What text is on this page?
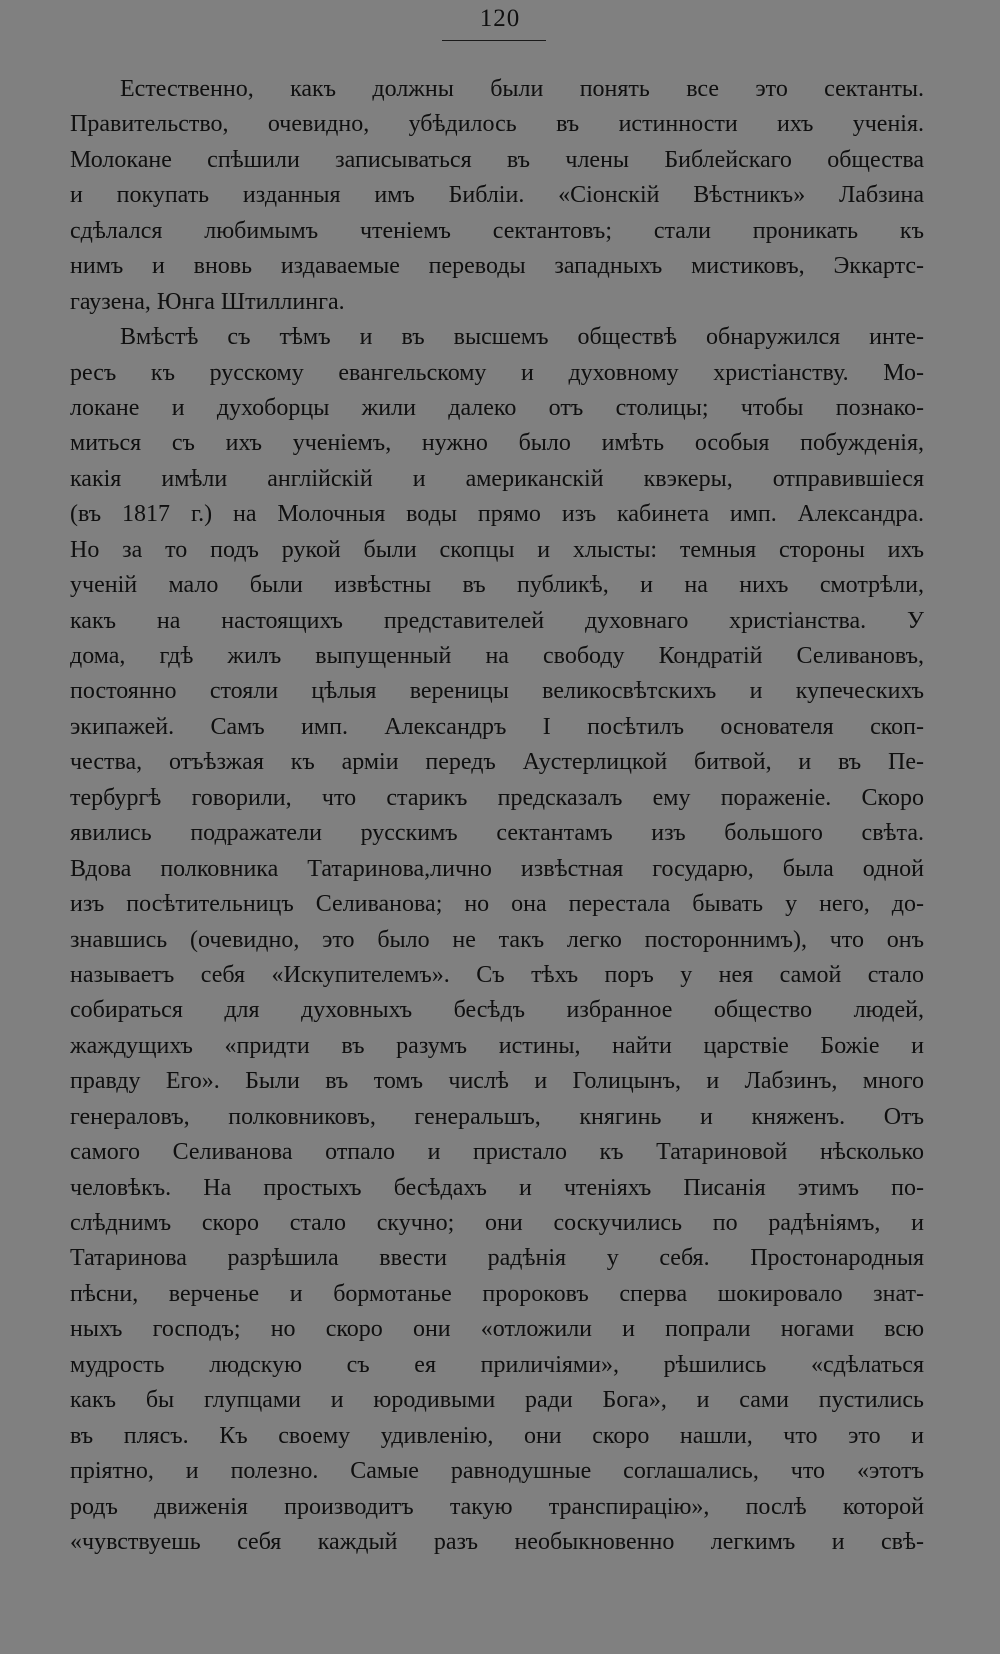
120
Естественно, какъ должны были понять все это сектанты.
Правительство, очевидно, убѣдилось въ истинности ихъ ученія.
Молокане спѣшили записываться въ члены Библейскаго общества
и покупать изданныя имъ Библіи. «Сіонскій Вѣстникъ» Лабзина
сдѣлался любимымъ чтеніемъ сектантовъ; стали проникать къ
нимъ и вновь издаваемые переводы западныхъ мистиковъ, Эккартс-
гаузена, Юнга Штиллинга.
Вмѣстѣ съ тѣмъ и въ высшемъ обществѣ обнаружился инте-
ресъ къ русскому евангельскому и духовному христіанству. Мо-
локане и духоборцы жили далеко отъ столицы; чтобы познако-
миться съ ихъ ученіемъ, нужно было имѣть особыя побужденія,
какія имѣли англійскій и американскій квэкеры, отправившіеся
(въ 1817 г.) на Молочныя воды прямо изъ кабинета имп. Александра.
Но за то подъ рукой были скопцы и хлысты: темныя стороны ихъ
ученій мало были извѣстны въ публикѣ, и на нихъ смотрѣли,
какъ на настоящихъ представителей духовнаго христіанства. У
дома, гдѣ жилъ выпущенный на свободу Кондратій Селивановъ,
постоянно стояли цѣлыя вереницы великосвѣтскихъ и купеческихъ
экипажей. Самъ имп. Александръ I посѣтилъ основателя скоп-
чества, отъѣзжая къ арміи передъ Аустерлицкой битвой, и въ Пе-
тербургѣ говорили, что старикъ предсказалъ ему пораженіе. Скоро
явились подражатели русскимъ сектантамъ изъ большого свѣта.
Вдова полковника Татаринова,лично извѣстная государю, была одной
изъ посѣтительницъ Селиванова; но она перестала бывать у него, до-
знавшись (очевидно, это было не такъ легко постороннимъ), что онъ
называетъ себя «Искупителемъ». Съ тѣхъ поръ у нея самой стало
собираться для духовныхъ бесѣдъ избранное общество людей,
жаждущихъ «придти въ разумъ истины, найти царствіе Божіе и
правду Его». Были въ томъ числѣ и Голицынъ, и Лабзинъ, много
генераловъ, полковниковъ, генеральшъ, княгинь и княженъ. Отъ
самого Селиванова отпало и пристало къ Татариновой нѣсколько
человѣкъ. На простыхъ бесѣдахъ и чтеніяхъ Писанія этимъ по-
слѣднимъ скоро стало скучно; они соскучились по радѣніямъ, и
Татаринова разрѣшила ввести радѣнія у себя. Простонародныя
пѣсни, верченье и бормотанье пророковъ сперва шокировало знат-
ныхъ господъ; но скоро они «отложили и попрали ногами всю
мудрость людскую съ ея приличіями», рѣшились «сдѣлаться
какъ бы глупцами и юродивыми ради Бога», и сами пустились
въ плясъ. Къ своему удивленію, они скоро нашли, что это и
пріятно, и полезно. Самые равнодушные соглашались, что «этотъ
родъ движенія производитъ такую транспирацію», послѣ которой
«чувствуешь себя каждый разъ необыкновенно легкимъ и свѣ-
